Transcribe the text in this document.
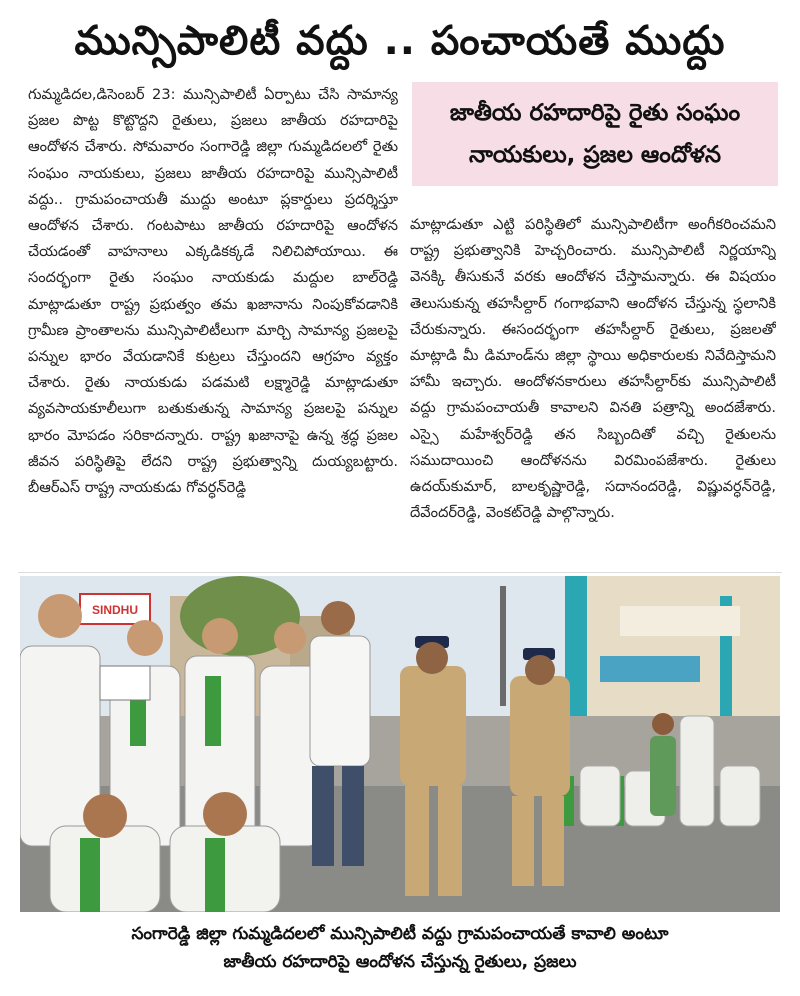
మున్సిపాలిటీ వద్దు .. పంచాయతే ముద్దు
గుమ్మడిదల,డిసెంబర్ 23: మున్సిపాలిటీ ఏర్పాటు చేసి సామాన్య ప్రజల పొట్ట కొట్టొద్దని రైతులు, ప్రజలు జాతీయ రహదారిపై ఆందోళన చేశారు. సోమవారం సంగారెడ్డి జిల్లా గుమ్మడిదలలో రైతు సంఘం నాయకులు, ప్రజలు జాతీయ రహదారిపై మున్సిపాలిటీ వద్దు.. గ్రామపంచాయతీ ముద్దు అంటూ ప్లకార్డులు ప్రదర్శిస్తూ ఆందోళన చేశారు. గంటపాటు జాతీయ రహదారిపై ఆందోళన చేయడంతో వాహనాలు ఎక్కడికక్కడే నిలిచిపోయాయి. ఈ సందర్భంగా రైతు సంఘం నాయకుడు మద్దుల బాల్‌రెడ్డి మాట్లాడుతూ రాష్ట్ర ప్రభుత్వం తమ ఖజానాను నింపుకోవడానికి గ్రామీణ ప్రాంతాలను మున్సిపాలిటీలుగా మార్చి సామాన్య ప్రజలపై పన్నుల భారం వేయడానికే కుట్రలు చేస్తుందని ఆగ్రహం వ్యక్తం చేశారు. రైతు నాయకుడు పడమటి లక్ష్మారెడ్డి మాట్లాడుతూ వ్యవసాయకూలీలుగా బతుకుతున్న సామాన్య ప్రజలపై పన్నుల భారం మోపడం సరికాదన్నారు. రాష్ట్ర ఖజానాపై ఉన్న శ్రద్ధ ప్రజల జీవన పరిస్థితిపై లేదని రాష్ట్ర ప్రభుత్వాన్ని దుయ్యబట్టారు. బీఆర్‌ఎస్ రాష్ట్ర నాయకుడు గోవర్ధన్‌రెడ్డి
జాతీయ రహదారిపై రైతు సంఘం
నాయకులు, ప్రజల ఆందోళన
మాట్లాడుతూ ఎట్టి పరిస్థితిలో మున్సిపాలిటీగా అంగీకరించమని రాష్ట్ర ప్రభుత్వానికి హెచ్చరించారు. మున్సిపాలిటీ నిర్ణయాన్ని వెనక్కి తీసుకునే వరకు ఆందోళన చేస్తామన్నారు. ఈ విషయం తెలుసుకున్న తహసీల్దార్ గంగాభవాని ఆందోళన చేస్తున్న స్థలానికి చేరుకున్నారు. ఈసందర్భంగా తహసీల్దార్ రైతులు, ప్రజలతో మాట్లాడి మీ డిమాండ్‌ను జిల్లా స్థాయి అధికారులకు నివేదిస్తామని హామీ ఇచ్చారు. ఆందోళనకారులు తహసీల్దార్‌కు మున్సిపాలిటీ వద్దు గ్రామపంచాయతీ కావాలని వినతి పత్రాన్ని అందజేశారు. ఎస్సై మహేశ్వర్‌రెడ్డి తన సిబ్బందితో వచ్చి రైతులను సముదాయించి ఆందోళనను విరమింపజేశారు. రైతులు ఉదయ్‌కుమార్, బాలకృష్ణారెడ్డి, సదానందరెడ్డి, విష్ణువర్ధన్‌రెడ్డి, దేవేందర్‌రెడ్డి, వెంకట్‌రెడ్డి పాల్గొన్నారు.
SINDHU
సంగారెడ్డి జిల్లా గుమ్మడిదలలో మున్సిపాలిటీ వద్దు గ్రామపంచాయతే కావాలి అంటూ
జాతీయ రహదారిపై ఆందోళన చేస్తున్న రైతులు, ప్రజలు
